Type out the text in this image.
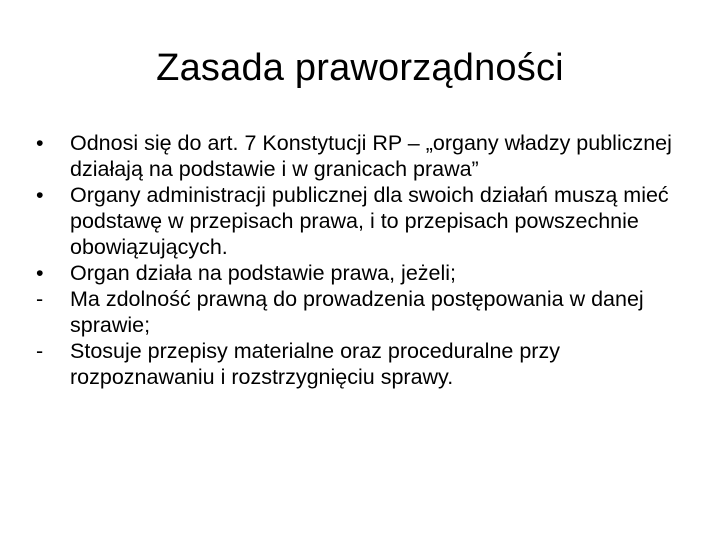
Zasada praworządności
•	Odnosi się do art. 7 Konstytucji RP – „organy władzy publicznej działają na podstawie i w granicach prawa”
•	Organy administracji publicznej dla swoich działań muszą mieć podstawę w przepisach prawa, i to przepisach powszechnie obowiązujących.
•	Organ działa na podstawie prawa, jeżeli;
-	Ma zdolność prawną do prowadzenia postępowania w danej sprawie;
-	Stosuje przepisy materialne oraz proceduralne przy rozpoznawaniu i rozstrzygnięciu sprawy.
